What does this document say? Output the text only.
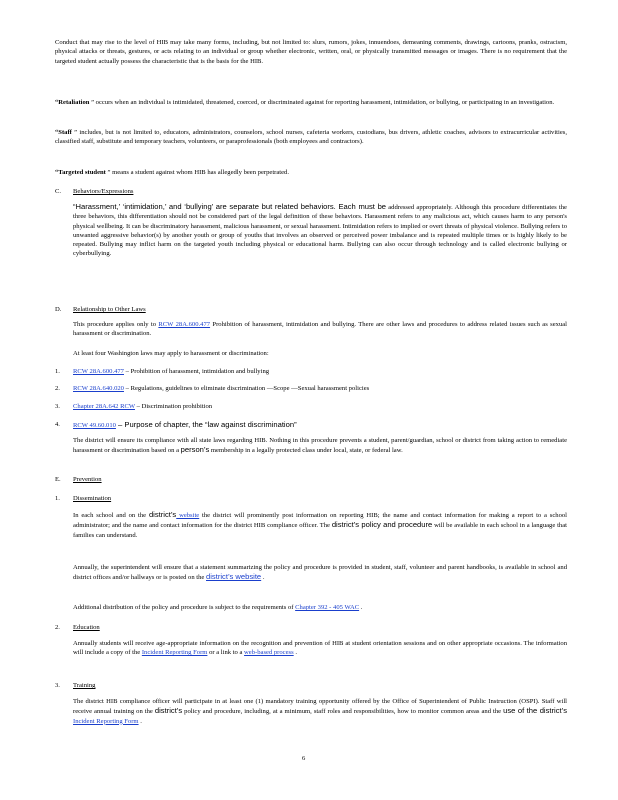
Conduct that may rise to the level of HIB may take many forms, including, but not limited to: slurs, rumors, jokes, innuendoes, demeaning comments, drawings, cartoons, pranks, ostracism, physical attacks or threats, gestures, or acts relating to an individual or group whether electronic, written, oral, or physically transmitted messages or images. There is no requirement that the targeted student actually possess the characteristic that is the basis for the HIB.

“Retaliation ” occurs when an individual is intimidated, threatened, coerced, or discriminated against for reporting harassment, intimidation, or bullying, or participating in an investigation.

“Staff ” includes, but is not limited to, educators, administrators, counselors, school nurses, cafeteria workers, custodians, bus drivers, athletic coaches, advisors to extracurricular activities, classified staff, substitute and temporary teachers, volunteers, or paraprofessionals (both employees and contractors).

“Targeted student ” means a student against whom HIB has allegedly been perpetrated.

C. Behaviors/Expressions

“Harassment,’ ‘intimidation,’ and ‘bullying’ are separate but related behaviors. Each must be addressed appropriately. Although this procedure differentiates the three behaviors, this differentiation should not be considered part of the legal definition of these behaviors. Harassment refers to any malicious act, which causes harm to any person's physical wellbeing. It can be discriminatory harassment, malicious harassment, or sexual harassment. Intimidation refers to implied or overt threats of physical violence. Bullying refers to unwanted aggressive behavior(s) by another youth or group of youths that involves an observed or perceived power imbalance and is repeated multiple times or is highly likely to be repeated. Bullying may inflict harm on the targeted youth including physical or educational harm. Bullying can also occur through technology and is called electronic bullying or cyberbullying.

D. Relationship to Other Laws

This procedure applies only to RCW 28A.600.477 Prohibition of harassment, intimidation and bullying. There are other laws and procedures to address related issues such as sexual harassment or discrimination.

At least four Washington laws may apply to harassment or discrimination:

1. RCW 28A.600.477 – Prohibition of harassment, intimidation and bullying
2. RCW 28A.640.020 – Regulations, guidelines to eliminate discrimination —Scope —Sexual harassment policies
3. Chapter 28A.642 RCW – Discrimination prohibition
4. RCW 49.60.010 – Purpose of chapter, the “law against discrimination”

The district will ensure its compliance with all state laws regarding HIB. Nothing in this procedure prevents a student, parent/guardian, school or district from taking action to remediate harassment or discrimination based on a person’s membership in a legally protected class under local, state, or federal law.

E. Prevention
1. Dissemination

In each school and on the district’s website the district will prominently post information on reporting HIB; the name and contact information for making a report to a school administrator; and the name and contact information for the district HIB compliance officer. The district’s policy and procedure will be available in each school in a language that families can understand.

Annually, the superintendent will ensure that a statement summarizing the policy and procedure is provided in student, staff, volunteer and parent handbooks, is available in school and district offices and/or hallways or is posted on the district’s website .

Additional distribution of the policy and procedure is subject to the requirements of Chapter 392 - 405 WAC .

2. Education

Annually students will receive age-appropriate information on the recognition and prevention of HIB at student orientation sessions and on other appropriate occasions. The information will include a copy of the Incident Reporting Form or a link to a web-based process .

3. Training

The district HIB compliance officer will participate in at least one (1) mandatory training opportunity offered by the Office of Superintendent of Public Instruction (OSPI). Staff will receive annual training on the district’s policy and procedure, including, at a minimum, staff roles and responsibilities, how to monitor common areas and the use of the district’s Incident Reporting Form .

6
